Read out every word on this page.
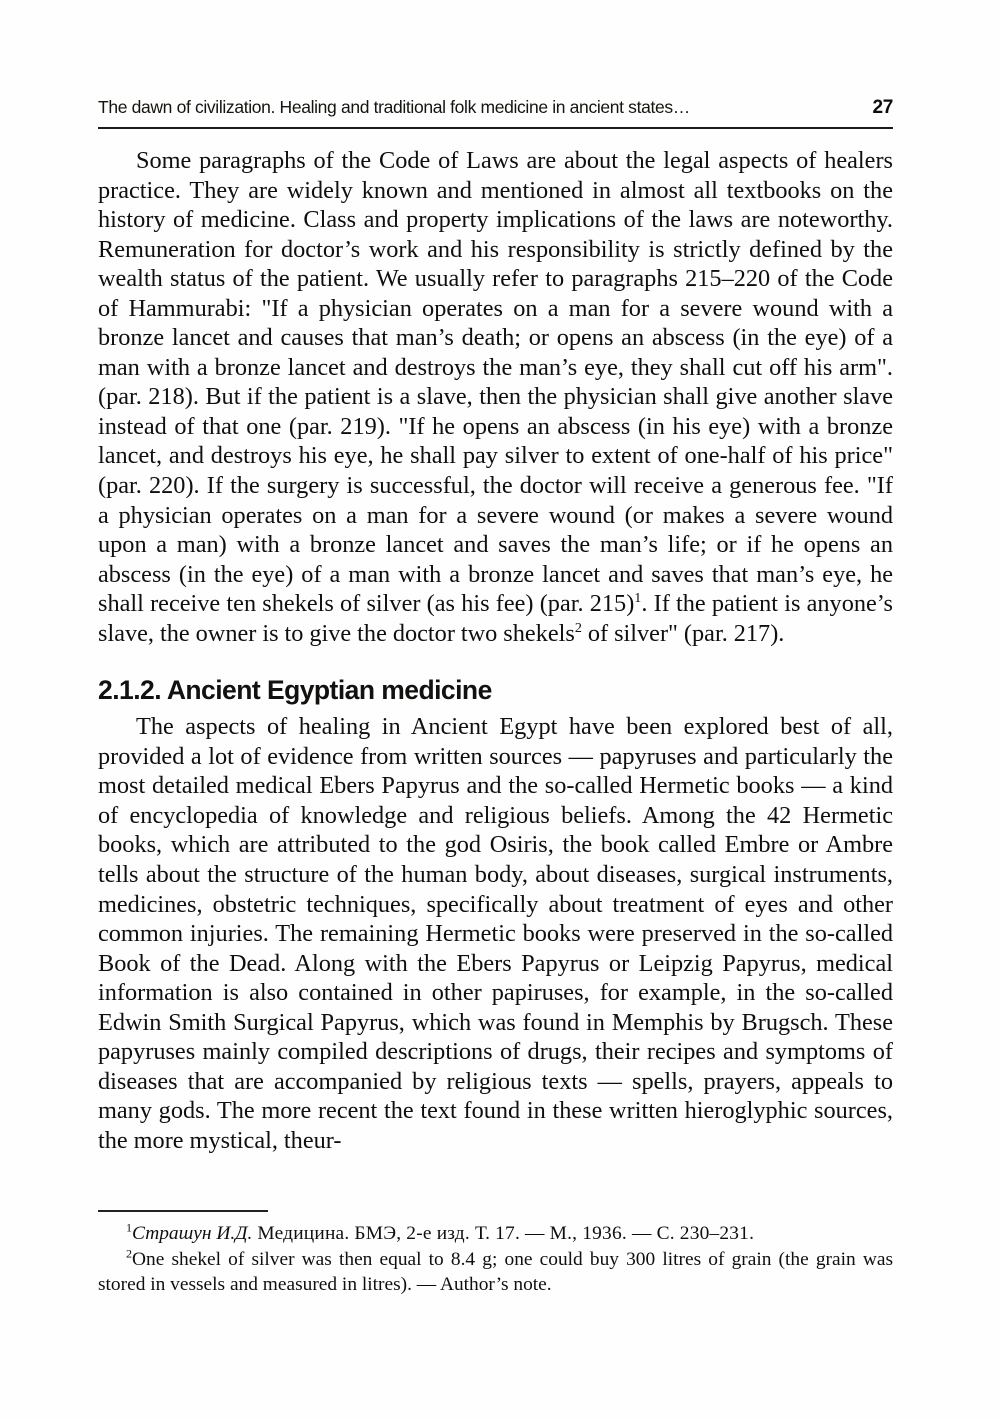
The dawn of civilization. Healing and traditional folk medicine in ancient states…	27

Some paragraphs of the Code of Laws are about the legal aspects of healers practice. They are widely known and mentioned in almost all textbooks on the history of medicine. Class and property implications of the laws are noteworthy. Remuneration for doctor’s work and his responsibility is strictly defined by the wealth status of the patient. We usually refer to paragraphs 215–220 of the Code of Hammurabi: "If a physician operates on a man for a severe wound with a bronze lancet and causes that man’s death; or opens an abscess (in the eye) of a man with a bronze lancet and destroys the man’s eye, they shall cut off his arm". (par. 218). But if the patient is a slave, then the physician shall give another slave instead of that one (par. 219). "If he opens an abscess (in his eye) with a bronze lancet, and destroys his eye, he shall pay silver to extent of one-half of his price" (par. 220). If the surgery is successful, the doctor will receive a generous fee. "If a physician operates on a man for a severe wound (or makes a severe wound upon a man) with a bronze lancet and saves the man’s life; or if he opens an abscess (in the eye) of a man with a bronze lancet and saves that man’s eye, he shall receive ten shekels of silver (as his fee) (par. 215)$^1$. If the patient is anyone’s slave, the owner is to give the doctor two shekels$^2$ of silver" (par. 217).

2.1.2. Ancient Egyptian medicine

The aspects of healing in Ancient Egypt have been explored best of all, provided a lot of evidence from written sources — papyruses and particularly the most detailed medical Ebers Papyrus and the so-called Hermetic books — a kind of encyclopedia of knowledge and religious beliefs. Among the 42 Hermetic books, which are attributed to the god Osiris, the book called Embre or Ambre tells about the structure of the human body, about diseases, surgical instruments, medicines, obstetric techniques, specifically about treatment of eyes and other common injuries. The remaining Hermetic books were preserved in the so-called Book of the Dead. Along with the Ebers Papyrus or Leipzig Papyrus, medical information is also contained in other papiruses, for example, in the so-called Edwin Smith Surgical Papyrus, which was found in Memphis by Brugsch. These papyruses mainly compiled descriptions of drugs, their recipes and symptoms of diseases that are accompanied by religious texts — spells, prayers, appeals to many gods. The more recent the text found in these written hieroglyphic sources, the more mystical, theur-

$^1$Страшун И.Д. Медицина. БМЭ, 2-е изд. Т. 17. — М., 1936. — С. 230–231.

$^2$One shekel of silver was then equal to 8.4 g; one could buy 300 litres of grain (the grain was stored in vessels and measured in litres). — Author’s note.
